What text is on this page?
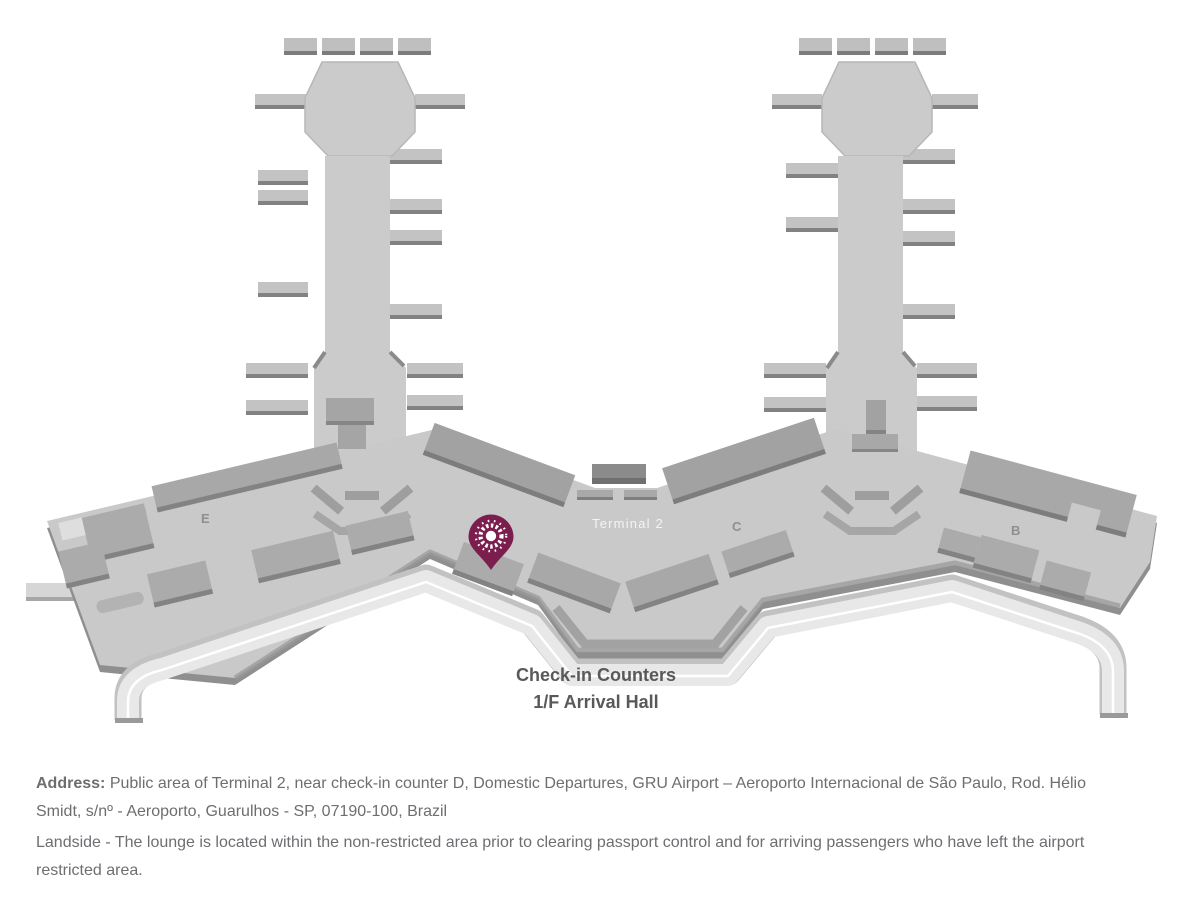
E
C	B
Terminal 2
Check-in Counters
1/F Arrival Hall
Address: Public area of Terminal 2, near check-in counter D, Domestic Departures, GRU Airport – Aeroporto Internacional de São Paulo, Rod. Hélio
Smidt, s/nº - Aeroporto, Guarulhos - SP, 07190-100, Brazil
Landside - The lounge is located within the non-restricted area prior to clearing passport control and for arriving passengers who have left the airport
restricted area.
